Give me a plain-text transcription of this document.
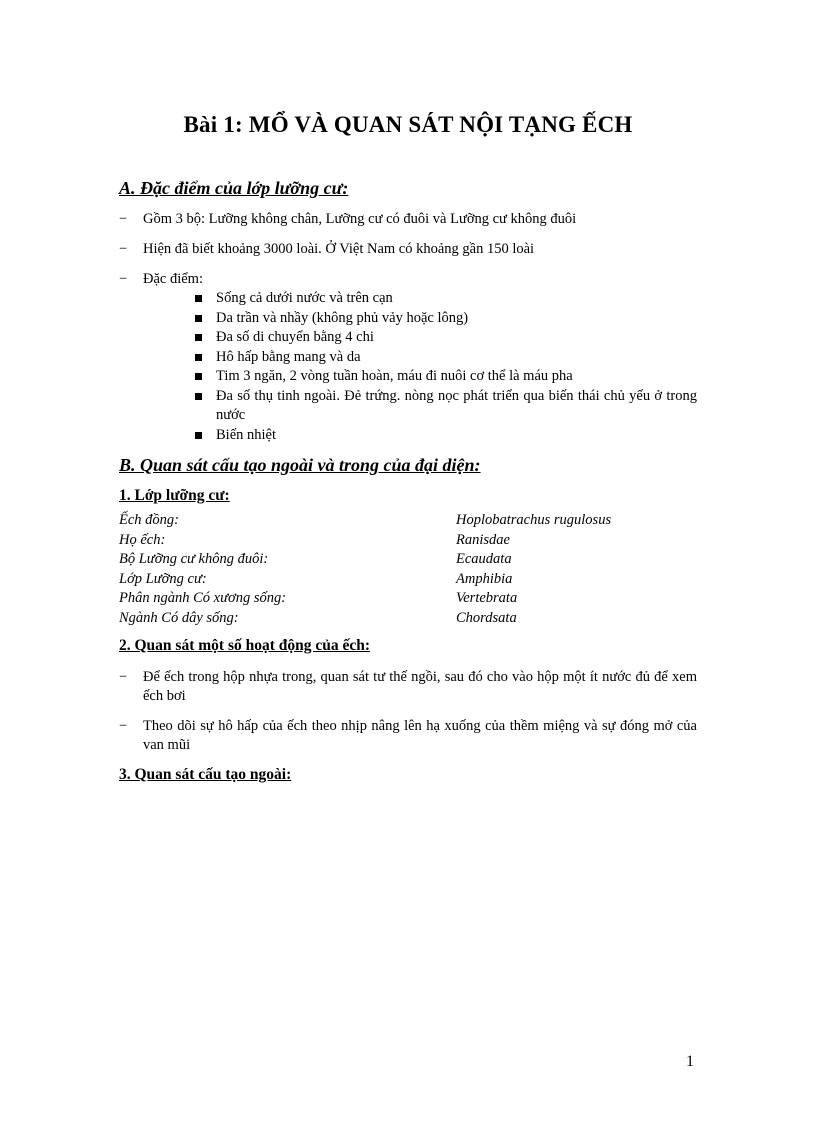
Bài 1: MỔ VÀ QUAN SÁT NỘI TẠNG ẾCH
A. Đặc điểm của lớp lưỡng cư:
− Gồm 3 bộ: Lưỡng không chân, Lưỡng cư có đuôi và Lưỡng cư không đuôi
− Hiện đã biết khoảng 3000 loài. Ở Việt Nam có khoảng gần 150 loài
− Đặc điểm:
Sống cả dưới nước và trên cạn
Da trần và nhầy (không phủ vảy hoặc lông)
Đa số di chuyển bằng 4 chi
Hô hấp bằng mang và da
Tim 3 ngăn, 2 vòng tuần hoàn, máu đi nuôi cơ thể là máu pha
Đa số thụ tinh ngoài. Đẻ trứng. nòng nọc phát triển qua biến thái chủ yếu ở trong nước
Biến nhiệt
B. Quan sát cấu tạo ngoài và trong của đại diện:
1. Lớp lưỡng cư:
Ếch đồng:	Hoplobatrachus rugulosus
Họ ếch:	Ranisdae
Bộ Lưỡng cư không đuôi:	Ecaudata
Lớp Lưỡng cư:	Amphibia
Phân ngành Có xương sống:	Vertebrata
Ngành Có dây sống:	Chordsata
2. Quan sát một số hoạt động của ếch:
− Để ếch trong hộp nhựa trong, quan sát tư thế ngồi, sau đó cho vào hộp một ít nước đủ để xem ếch bơi
− Theo dõi sự hô hấp của ếch theo nhịp nâng lên hạ xuống của thềm miệng và sự đóng mở của van mũi
3. Quan sát cấu tạo ngoài:
1
